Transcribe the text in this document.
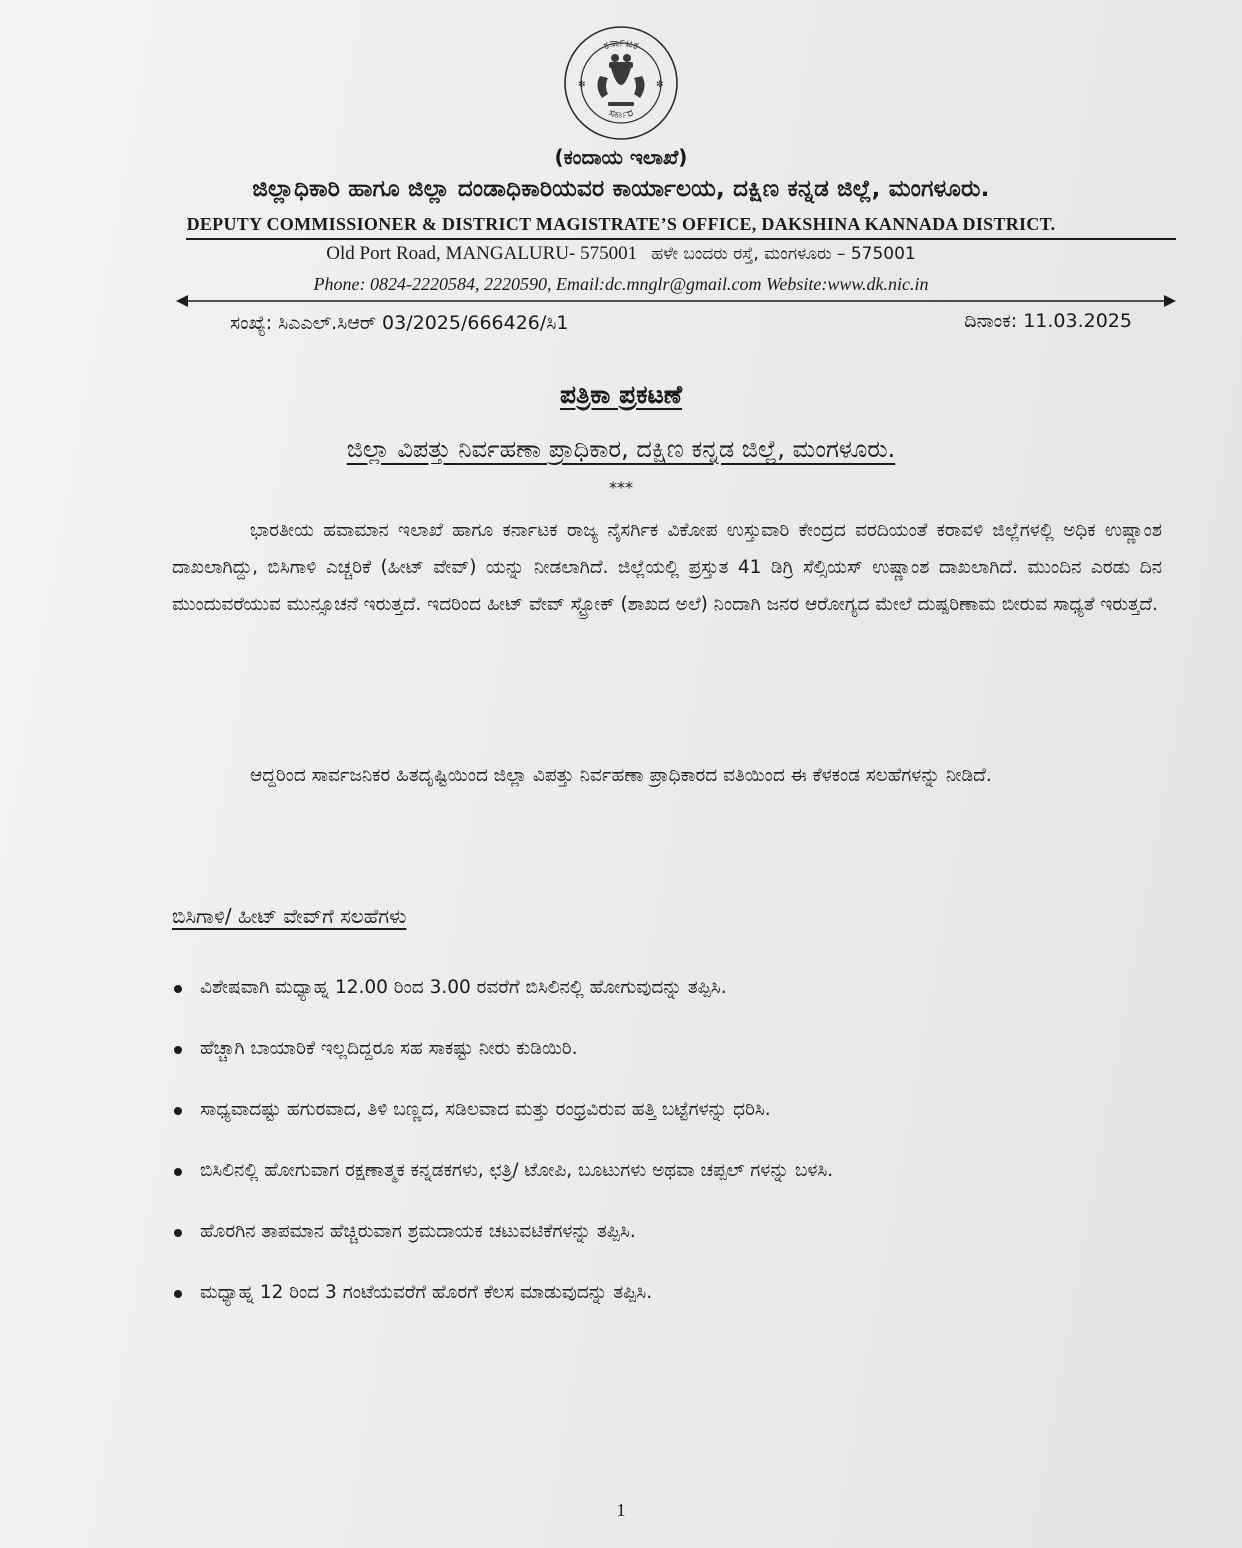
ಕರ್ನಾಟಕ
ಸರ್ಕಾರ
✻	✻
(ಕಂದಾಯ ಇಲಾಖೆ)
ಜಿಲ್ಲಾಧಿಕಾರಿ ಹಾಗೂ ಜಿಲ್ಲಾ ದಂಡಾಧಿಕಾರಿಯವರ ಕಾರ್ಯಾಲಯ, ದಕ್ಷಿಣ ಕನ್ನಡ ಜಿಲ್ಲೆ, ಮಂಗಳೂರು.
DEPUTY COMMISSIONER & DISTRICT MAGISTRATE’S OFFICE, DAKSHINA KANNADA DISTRICT.
Old Port Road, MANGALURU- 575001 ಹಳೇ ಬಂದರು ರಸ್ತೆ, ಮಂಗಳೂರು – 575001
Phone: 0824-2220584, 2220590, Email:dc.mnglr@gmail.com Website:www.dk.nic.in
ಸಂಖ್ಯೆ: ಸಿಎಎಲ್.ಸಿಆರ್ 03/2025/666426/ಸಿ1	ದಿನಾಂಕ: 11.03.2025
ಪತ್ರಿಕಾ ಪ್ರಕಟಣೆ
ಜಿಲ್ಲಾ ವಿಪತ್ತು ನಿರ್ವಹಣಾ ಪ್ರಾಧಿಕಾರ, ದಕ್ಷಿಣ ಕನ್ನಡ ಜಿಲ್ಲೆ, ಮಂಗಳೂರು.
***
ಭಾರತೀಯ ಹವಾಮಾನ ಇಲಾಖೆ ಹಾಗೂ ಕರ್ನಾಟಕ ರಾಜ್ಯ ನೈಸರ್ಗಿಕ ವಿಕೋಪ ಉಸ್ತುವಾರಿ ಕೇಂದ್ರದ ವರದಿಯಂತೆ ಕರಾವಳಿ ಜಿಲ್ಲೆಗಳಲ್ಲಿ ಅಧಿಕ ಉಷ್ಣಾಂಶ ದಾಖಲಾಗಿದ್ದು, ಬಿಸಿಗಾಳಿ ಎಚ್ಚರಿಕೆ (ಹೀಟ್ ವೇವ್) ಯನ್ನು ನೀಡಲಾಗಿದೆ. ಜಿಲ್ಲೆಯಲ್ಲಿ ಪ್ರಸ್ತುತ 41 ಡಿಗ್ರಿ ಸೆಲ್ಸಿಯಸ್ ಉಷ್ಣಾಂಶ ದಾಖಲಾಗಿದೆ. ಮುಂದಿನ ಎರಡು ದಿನ ಮುಂದುವರೆಯುವ ಮುನ್ಸೂಚನೆ ಇರುತ್ತದೆ. ಇದರಿಂದ ಹೀಟ್ ವೇವ್ ಸ್ಟ್ರೋಕ್ (ಶಾಖದ ಅಲೆ) ನಿಂದಾಗಿ ಜನರ ಆರೋಗ್ಯದ ಮೇಲೆ ದುಷ್ಪರಿಣಾಮ ಬೀರುವ ಸಾಧ್ಯತೆ ಇರುತ್ತದೆ.
ಆದ್ದರಿಂದ ಸಾರ್ವಜನಿಕರ ಹಿತದೃಷ್ಟಿಯಿಂದ ಜಿಲ್ಲಾ ವಿಪತ್ತು ನಿರ್ವಹಣಾ ಪ್ರಾಧಿಕಾರದ ವತಿಯಿಂದ ಈ ಕೆಳಕಂಡ ಸಲಹೆಗಳನ್ನು ನೀಡಿದೆ.
ಬಿಸಿಗಾಳಿ/ ಹೀಟ್ ವೇವ್‌ಗೆ ಸಲಹೆಗಳು
ವಿಶೇಷವಾಗಿ ಮಧ್ಯಾಹ್ನ 12.00 ರಿಂದ 3.00 ರವರೆಗೆ ಬಿಸಿಲಿನಲ್ಲಿ ಹೋಗುವುದನ್ನು ತಪ್ಪಿಸಿ.
ಹೆಚ್ಚಾಗಿ ಬಾಯಾರಿಕೆ ಇಲ್ಲದಿದ್ದರೂ ಸಹ ಸಾಕಷ್ಟು ನೀರು ಕುಡಿಯಿರಿ.
ಸಾಧ್ಯವಾದಷ್ಟು ಹಗುರವಾದ, ತಿಳಿ ಬಣ್ಣದ, ಸಡಿಲವಾದ ಮತ್ತು ರಂಧ್ರವಿರುವ ಹತ್ತಿ ಬಟ್ಟೆಗಳನ್ನು ಧರಿಸಿ.
ಬಿಸಿಲಿನಲ್ಲಿ ಹೋಗುವಾಗ ರಕ್ಷಣಾತ್ಮಕ ಕನ್ನಡಕಗಳು, ಛತ್ರಿ/ ಟೋಪಿ, ಬೂಟುಗಳು ಅಥವಾ ಚಪ್ಪಲ್ ಗಳನ್ನು ಬಳಸಿ.
ಹೊರಗಿನ ತಾಪಮಾನ ಹೆಚ್ಚಿರುವಾಗ ಶ್ರಮದಾಯಕ ಚಟುವಟಿಕೆಗಳನ್ನು ತಪ್ಪಿಸಿ.
ಮಧ್ಯಾಹ್ನ 12 ರಿಂದ 3 ಗಂಟೆಯವರೆಗೆ ಹೊರಗೆ ಕೆಲಸ ಮಾಡುವುದನ್ನು ತಪ್ಪಿಸಿ.
1
